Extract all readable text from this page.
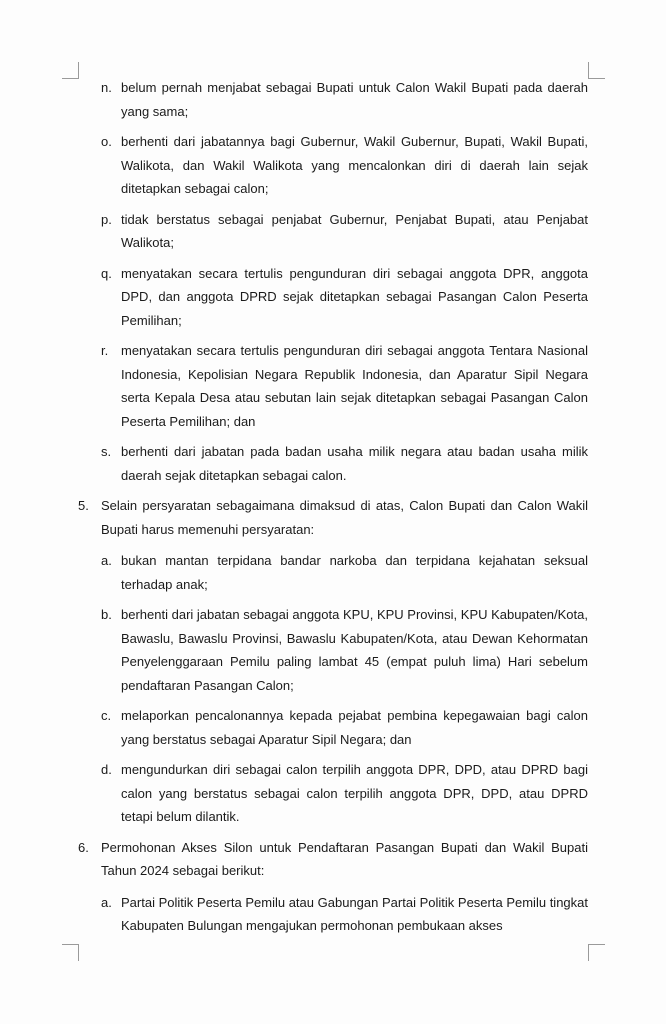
n. belum pernah menjabat sebagai Bupati untuk Calon Wakil Bupati pada daerah yang sama;
o. berhenti dari jabatannya bagi Gubernur, Wakil Gubernur, Bupati, Wakil Bupati, Walikota, dan Wakil Walikota yang mencalonkan diri di daerah lain sejak ditetapkan sebagai calon;
p. tidak berstatus sebagai penjabat Gubernur, Penjabat Bupati, atau Penjabat Walikota;
q. menyatakan secara tertulis pengunduran diri sebagai anggota DPR, anggota DPD, dan anggota DPRD sejak ditetapkan sebagai Pasangan Calon Peserta Pemilihan;
r. menyatakan secara tertulis pengunduran diri sebagai anggota Tentara Nasional Indonesia, Kepolisian Negara Republik Indonesia, dan Aparatur Sipil Negara serta Kepala Desa atau sebutan lain sejak ditetapkan sebagai Pasangan Calon Peserta Pemilihan; dan
s. berhenti dari jabatan pada badan usaha milik negara atau badan usaha milik daerah sejak ditetapkan sebagai calon.
5. Selain persyaratan sebagaimana dimaksud di atas, Calon Bupati dan Calon Wakil Bupati harus memenuhi persyaratan:
a. bukan mantan terpidana bandar narkoba dan terpidana kejahatan seksual terhadap anak;
b. berhenti dari jabatan sebagai anggota KPU, KPU Provinsi, KPU Kabupaten/Kota, Bawaslu, Bawaslu Provinsi, Bawaslu Kabupaten/Kota, atau Dewan Kehormatan Penyelenggaraan Pemilu paling lambat 45 (empat puluh lima) Hari sebelum pendaftaran Pasangan Calon;
c. melaporkan pencalonannya kepada pejabat pembina kepegawaian bagi calon yang berstatus sebagai Aparatur Sipil Negara; dan
d. mengundurkan diri sebagai calon terpilih anggota DPR, DPD, atau DPRD bagi calon yang berstatus sebagai calon terpilih anggota DPR, DPD, atau DPRD tetapi belum dilantik.
6. Permohonan Akses Silon untuk Pendaftaran Pasangan Bupati dan Wakil Bupati Tahun 2024 sebagai berikut:
a. Partai Politik Peserta Pemilu atau Gabungan Partai Politik Peserta Pemilu tingkat Kabupaten Bulungan mengajukan permohonan pembukaan akses
